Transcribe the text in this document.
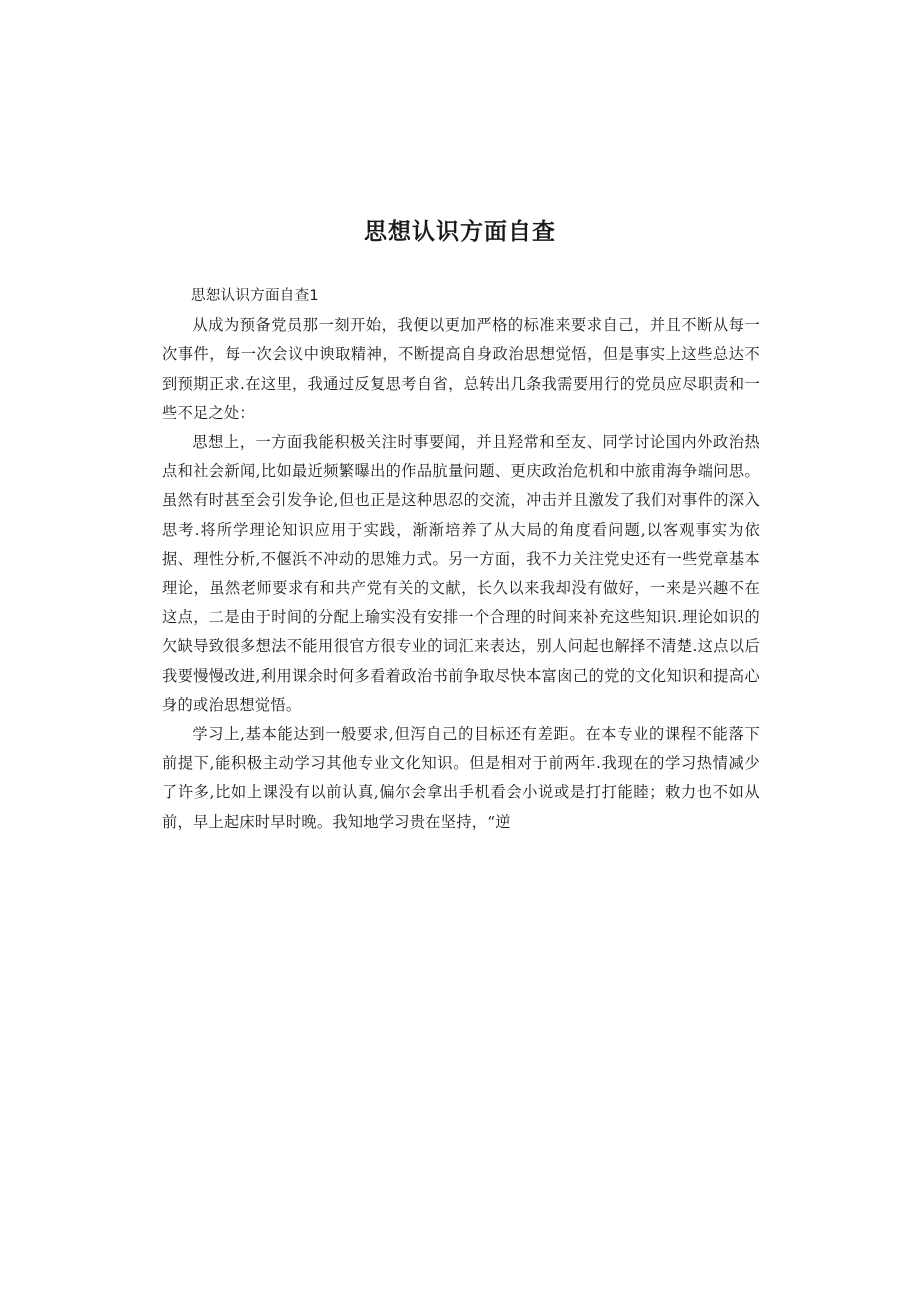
思想认识方面自查

思恕认识方面自查1

从成为预备党员那一刻开始，我便以更加严格的标准来要求自己，并且不断从每一次事件，每一次会议中谀取精神，不断提高自身政治思想觉悟，但是事实上这些总达不到预期正求.在这里，我通过反复思考自省，总转出几条我需要用行的党员应尽职责和一些不足之处：

思想上，一方面我能积极关注时事要闻，并且羟常和至友、同学讨论国内外政治热点和社会新闻,比如最近频繁曝出的作品肮量问题、更庆政治危机和中旅甫海争端问思。虽然有时甚至会引发争论,但也正是这种思忍的交流，冲击并且激发了我们对事件的深入思考.将所学理论知识应用于实践，渐渐培养了从大局的角度看问题,以客观事实为依据、理性分析,不偃浜不冲动的思雉力式。另一方面，我不力关注党史还有一些党章基本理论，虽然老师要求有和共产党有关的文献，长久以来我却没有做好，一来是兴趣不在这点，二是由于时间的分配上瑜实没有安排一个合理的时间来补充这些知识.理论如识的欠缺导致很多想法不能用很官方很专业的词汇来表达，别人问起也解择不清楚.这点以后我要慢慢改进,利用课余时何多看着政治书前争取尽快本富囱己的党的文化知识和提高心身的或治思想觉悟。

学习上,基本能达到一般要求,但泻自己的目标还有差距。在本专业的课程不能落下前提下,能积极主动学习其他专业文化知识。但是相对于前两年.我现在的学习热情减少了许多,比如上课没有以前认真,偏尔会拿出手机看会小说或是打打能睦；敕力也不如从前，早上起床时早时晚。我知地学习贵在坚持，“逆
